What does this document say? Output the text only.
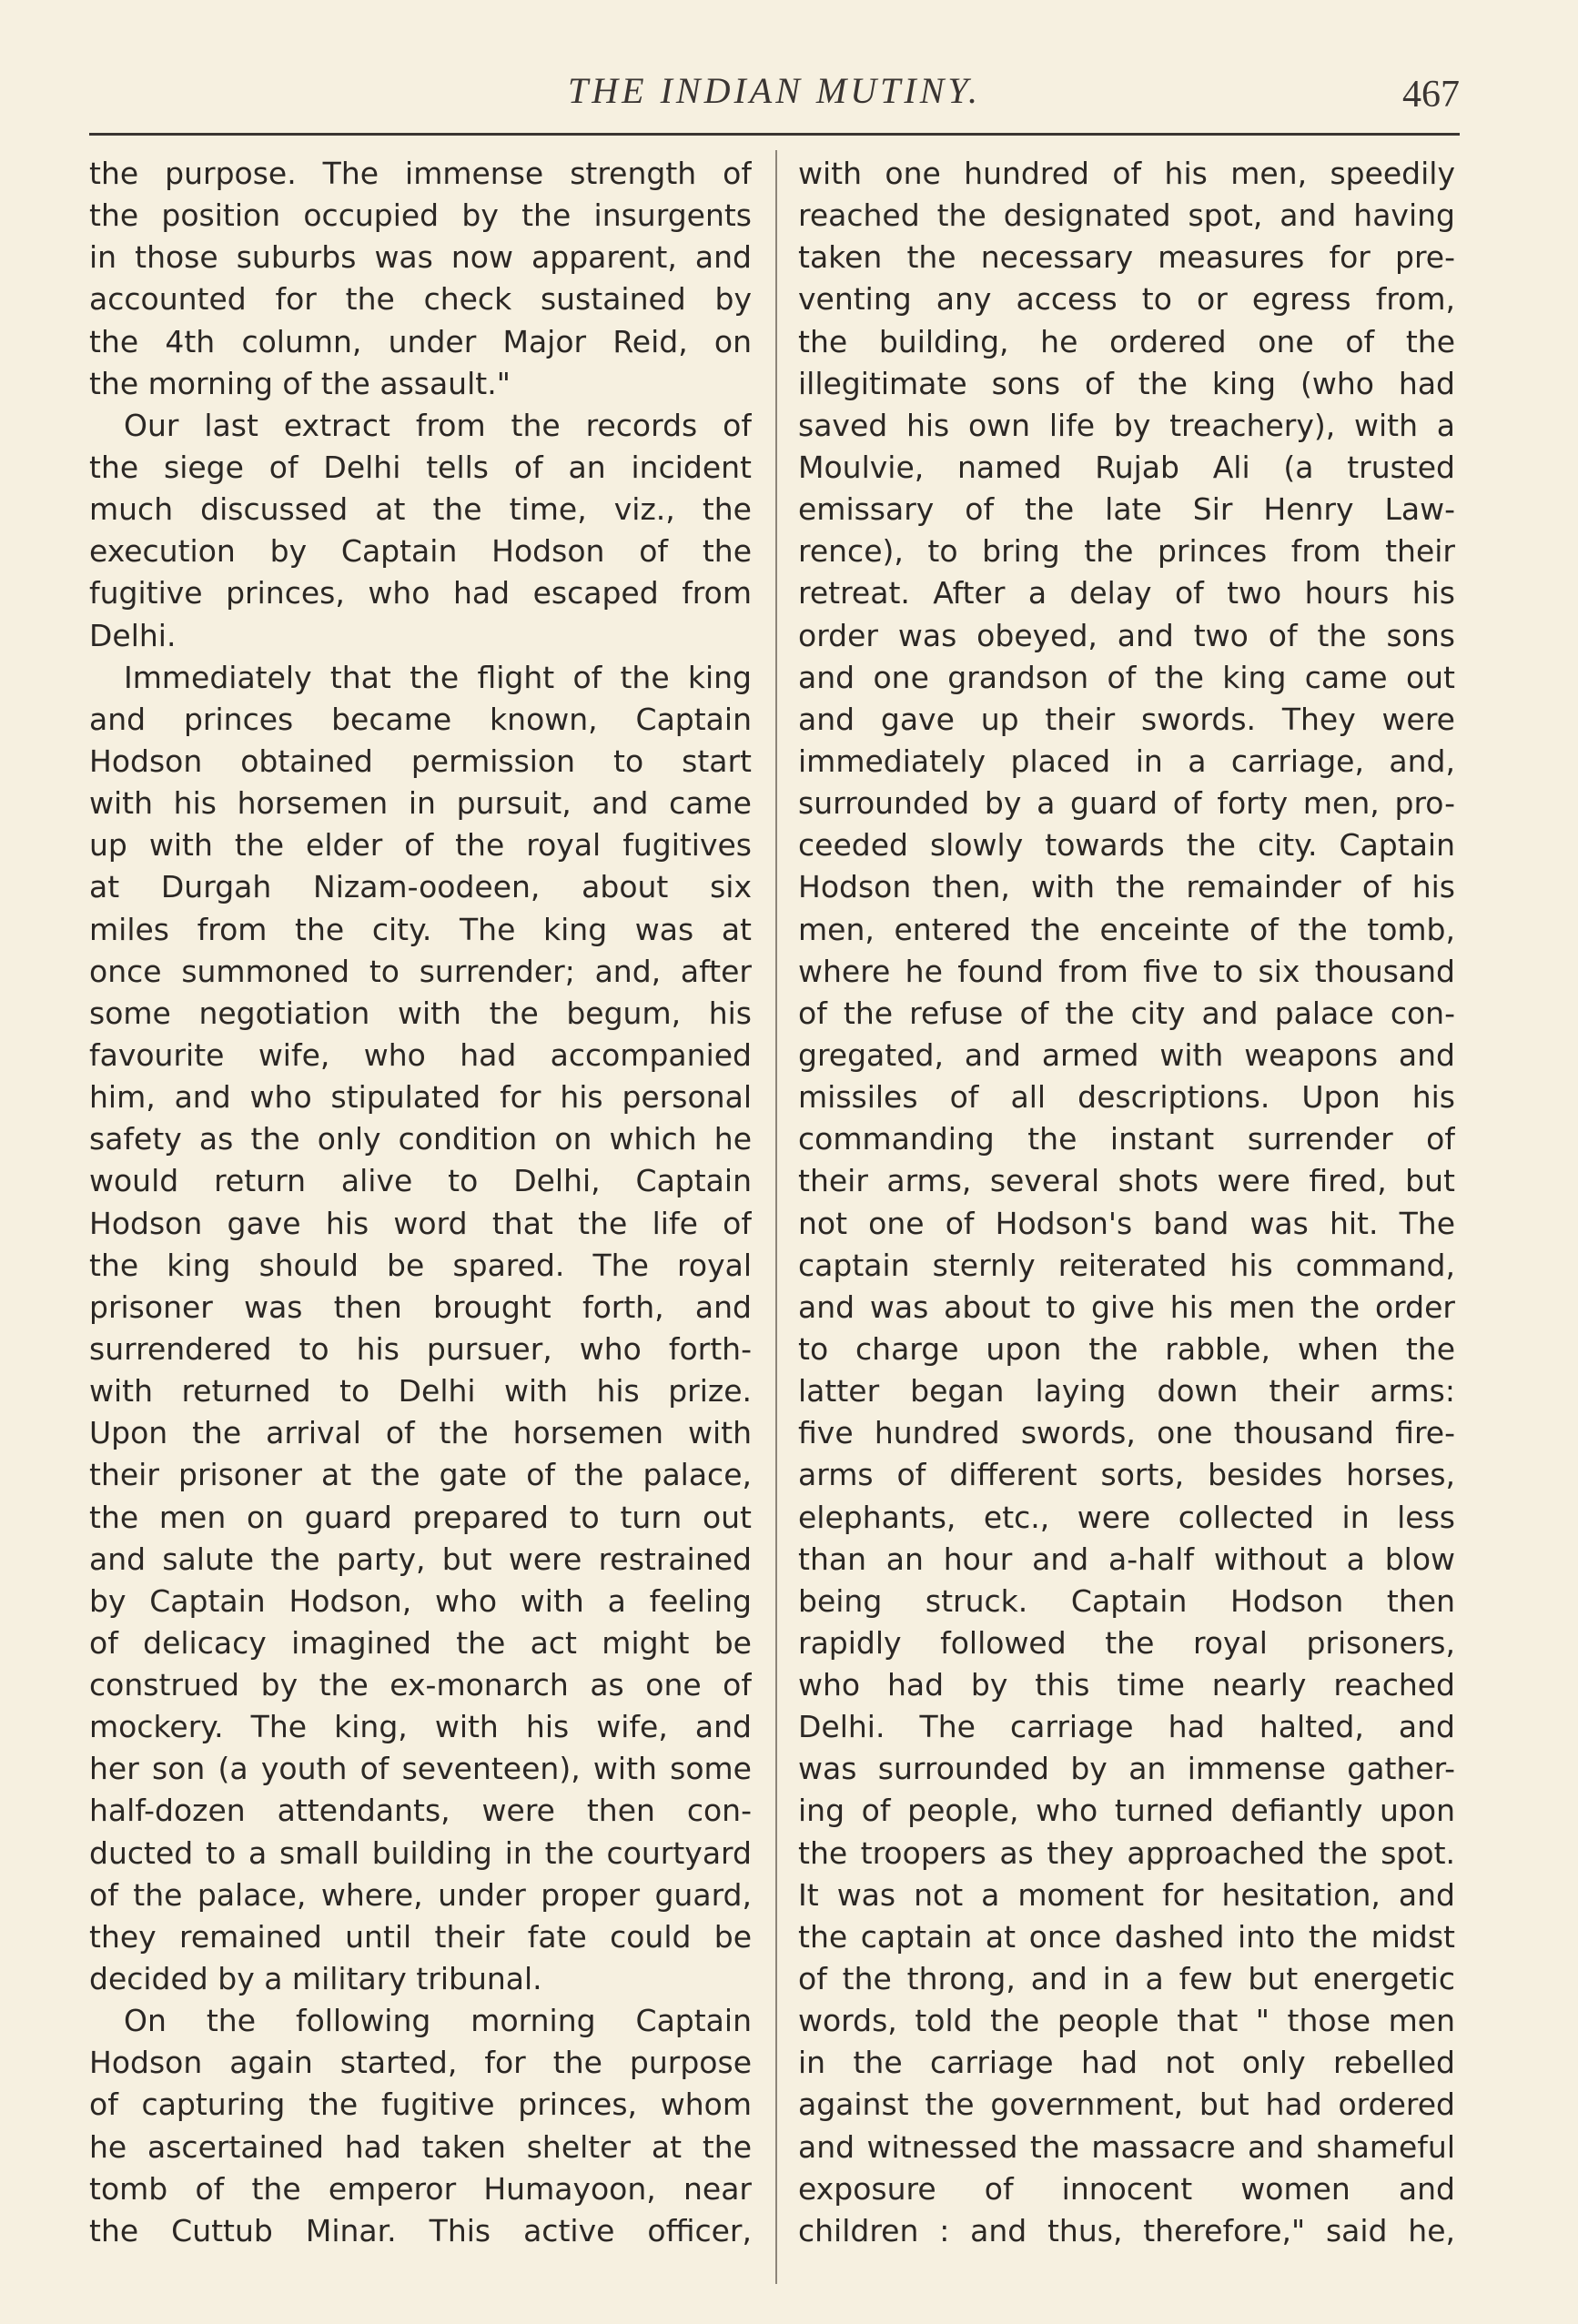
THE INDIAN MUTINY.	467
the purpose. The immense strength of
the position occupied by the insurgents
in those suburbs was now apparent, and
accounted for the check sustained by
the 4th column, under Major Reid, on
the morning of the assault."
Our last extract from the records of
the siege of Delhi tells of an incident
much discussed at the time, viz., the
execution by Captain Hodson of the
fugitive princes, who had escaped from
Delhi.
Immediately that the flight of the king
and princes became known, Captain
Hodson obtained permission to start
with his horsemen in pursuit, and came
up with the elder of the royal fugitives
at Durgah Nizam-oodeen, about six
miles from the city. The king was at
once summoned to surrender; and, after
some negotiation with the begum, his
favourite wife, who had accompanied
him, and who stipulated for his personal
safety as the only condition on which he
would return alive to Delhi, Captain
Hodson gave his word that the life of
the king should be spared. The royal
prisoner was then brought forth, and
surrendered to his pursuer, who forth-
with returned to Delhi with his prize.
Upon the arrival of the horsemen with
their prisoner at the gate of the palace,
the men on guard prepared to turn out
and salute the party, but were restrained
by Captain Hodson, who with a feeling
of delicacy imagined the act might be
construed by the ex-monarch as one of
mockery. The king, with his wife, and
her son (a youth of seventeen), with some
half-dozen attendants, were then con-
ducted to a small building in the courtyard
of the palace, where, under proper guard,
they remained until their fate could be
decided by a military tribunal.
On the following morning Captain
Hodson again started, for the purpose
of capturing the fugitive princes, whom
he ascertained had taken shelter at the
tomb of the emperor Humayoon, near
the Cuttub Minar. This active officer,
with one hundred of his men, speedily
reached the designated spot, and having
taken the necessary measures for pre-
venting any access to or egress from,
the building, he ordered one of the
illegitimate sons of the king (who had
saved his own life by treachery), with a
Moulvie, named Rujab Ali (a trusted
emissary of the late Sir Henry Law-
rence), to bring the princes from their
retreat. After a delay of two hours his
order was obeyed, and two of the sons
and one grandson of the king came out
and gave up their swords. They were
immediately placed in a carriage, and,
surrounded by a guard of forty men, pro-
ceeded slowly towards the city. Captain
Hodson then, with the remainder of his
men, entered the enceinte of the tomb,
where he found from five to six thousand
of the refuse of the city and palace con-
gregated, and armed with weapons and
missiles of all descriptions. Upon his
commanding the instant surrender of
their arms, several shots were fired, but
not one of Hodson's band was hit. The
captain sternly reiterated his command,
and was about to give his men the order
to charge upon the rabble, when the
latter began laying down their arms:
five hundred swords, one thousand fire-
arms of different sorts, besides horses,
elephants, etc., were collected in less
than an hour and a-half without a blow
being struck. Captain Hodson then
rapidly followed the royal prisoners,
who had by this time nearly reached
Delhi. The carriage had halted, and
was surrounded by an immense gather-
ing of people, who turned defiantly upon
the troopers as they approached the spot.
It was not a moment for hesitation, and
the captain at once dashed into the midst
of the throng, and in a few but energetic
words, told the people that " those men
in the carriage had not only rebelled
against the government, but had ordered
and witnessed the massacre and shameful
exposure of innocent women and
children : and thus, therefore," said he,
